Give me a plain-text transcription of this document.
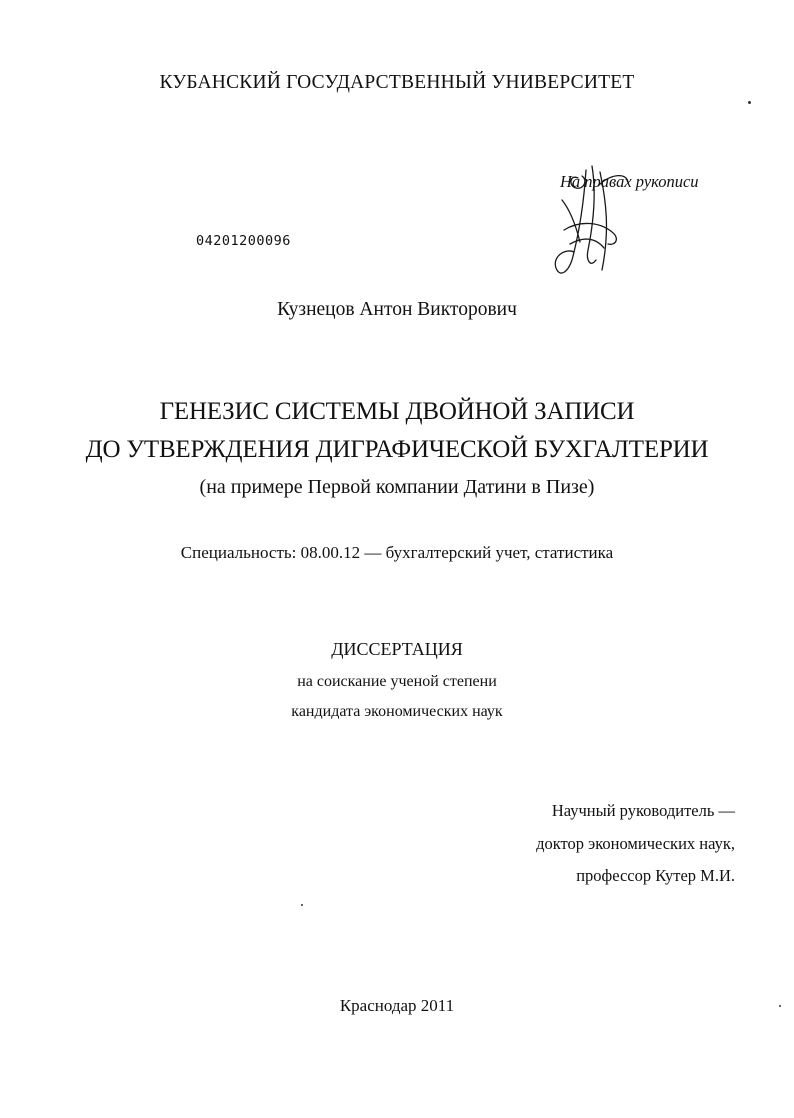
КУБАНСКИЙ ГОСУДАРСТВЕННЫЙ УНИВЕРСИТЕТ
На правах рукописи
04201200096
Кузнецов Антон Викторович
ГЕНЕЗИС СИСТЕМЫ ДВОЙНОЙ ЗАПИСИ
ДО УТВЕРЖДЕНИЯ ДИГРАФИЧЕСКОЙ БУХГАЛТЕРИИ
(на примере Первой компании Датини в Пизе)
Специальность: 08.00.12 — бухгалтерский учет, статистика
ДИССЕРТАЦИЯ
на соискание ученой степени
кандидата экономических наук
Научный руководитель —
доктор экономических наук,
профессор Кутер М.И.
Краснодар 2011
